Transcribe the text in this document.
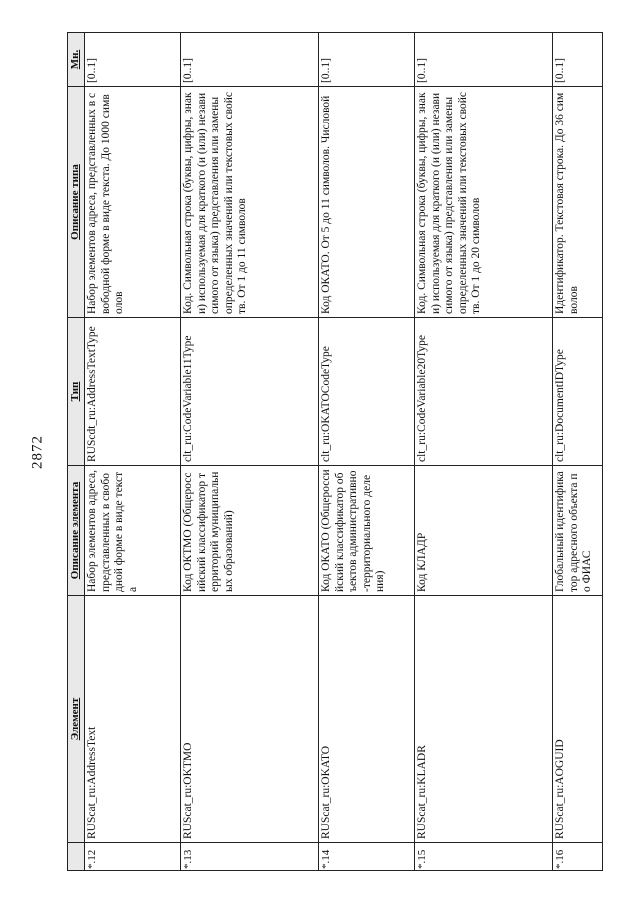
2872
	Элемент	Описание элемента	Тип	Описание типа	Мн.
*.12	RUScat_ru:AddressText	Набор элементов адреса, представленных в свободной форме в виде текста	RUScdt_ru:AddressTextType	Набор элементов адреса, представленных в свободной форме в виде текста. До 1000 символов	[0..1]
*.13	RUScat_ru:OKTMO	Код ОКТМО (Общероссийский классификатор территорий муниципальных образований)	clt_ru:CodeVariable11Type	Код. Символьная строка (буквы, цифры, знаки) используемая для краткого (и (или) независимого от языка) представления или замены определенных значений или текстовых свойств. От 1 до 11 символов	[0..1]
*.14	RUScat_ru:OKATO	Код ОКАТО (Общероссийский классификатор объектов административно-территориального деления)	clt_ru:OKATOCodeType	Код ОКАТО. От 5 до 11 символов. Числовой	[0..1]
*.15	RUScat_ru:KLADR	Код КЛАДР	clt_ru:CodeVariable20Type	Код. Символьная строка (буквы, цифры, знаки) используемая для краткого (и (или) независимого от языка) представления или замены определенных значений или текстовых свойств. От 1 до 20 символов	[0..1]
*.16	RUScat_ru:AOGUID	Глобальный идентификатор адресного объекта по ФИАС	clt_ru:DocumentIDType	Идентификатор. Текстовая строка. До 36 символов	[0..1]
